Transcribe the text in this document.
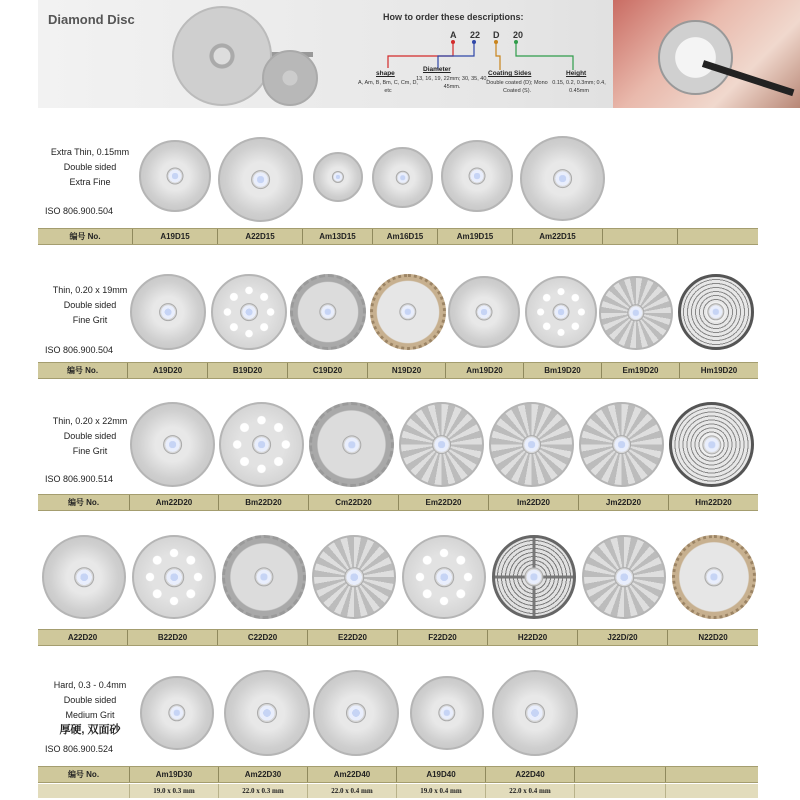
Diamond Disc	How to order these descriptions:
A 22 D 20
shape
Diameter
Coating Sides	Height
A, Am, B, Bm, C, Cm, D, etc
13, 16, 19, 22mm; 30, 35, 40, 45mm.
Double coated (D); Mono Coated (S).
0.15, 0.2, 0.3mm; 0.4, 0.45mm
Extra Thin, 0.15mm
Double sided
Extra Fine
ISO 806.900.504
编号 No.	A19D15	A22D15	Am13D15	Am16D15	Am19D15	Am22D15
Thin, 0.20 x 19mm
Double sided
Fine Grit
ISO 806.900.504
编号 No.	A19D20	B19D20	C19D20	N19D20	Am19D20	Bm19D20	Em19D20	Hm19D20
Thin, 0.20 x 22mm
Double sided
Fine Grit
ISO 806.900.514
编号 No.	Am22D20	Bm22D20	Cm22D20	Em22D20	Im22D20	Jm22D20	Hm22D20
A22D20	B22D20	C22D20	E22D20	F22D20	H22D20	J22D/20	N22D20
Hard, 0.3 - 0.4mm
Double sided
Medium Grit
厚硬, 双面砂
ISO 806.900.524
编号 No.	Am19D30	Am22D30	Am22D40	A19D40	A22D40
19.0 x 0.3 mm	22.0 x 0.3 mm	22.0 x 0.4 mm	19.0 x 0.4 mm	22.0 x 0.4 mm
